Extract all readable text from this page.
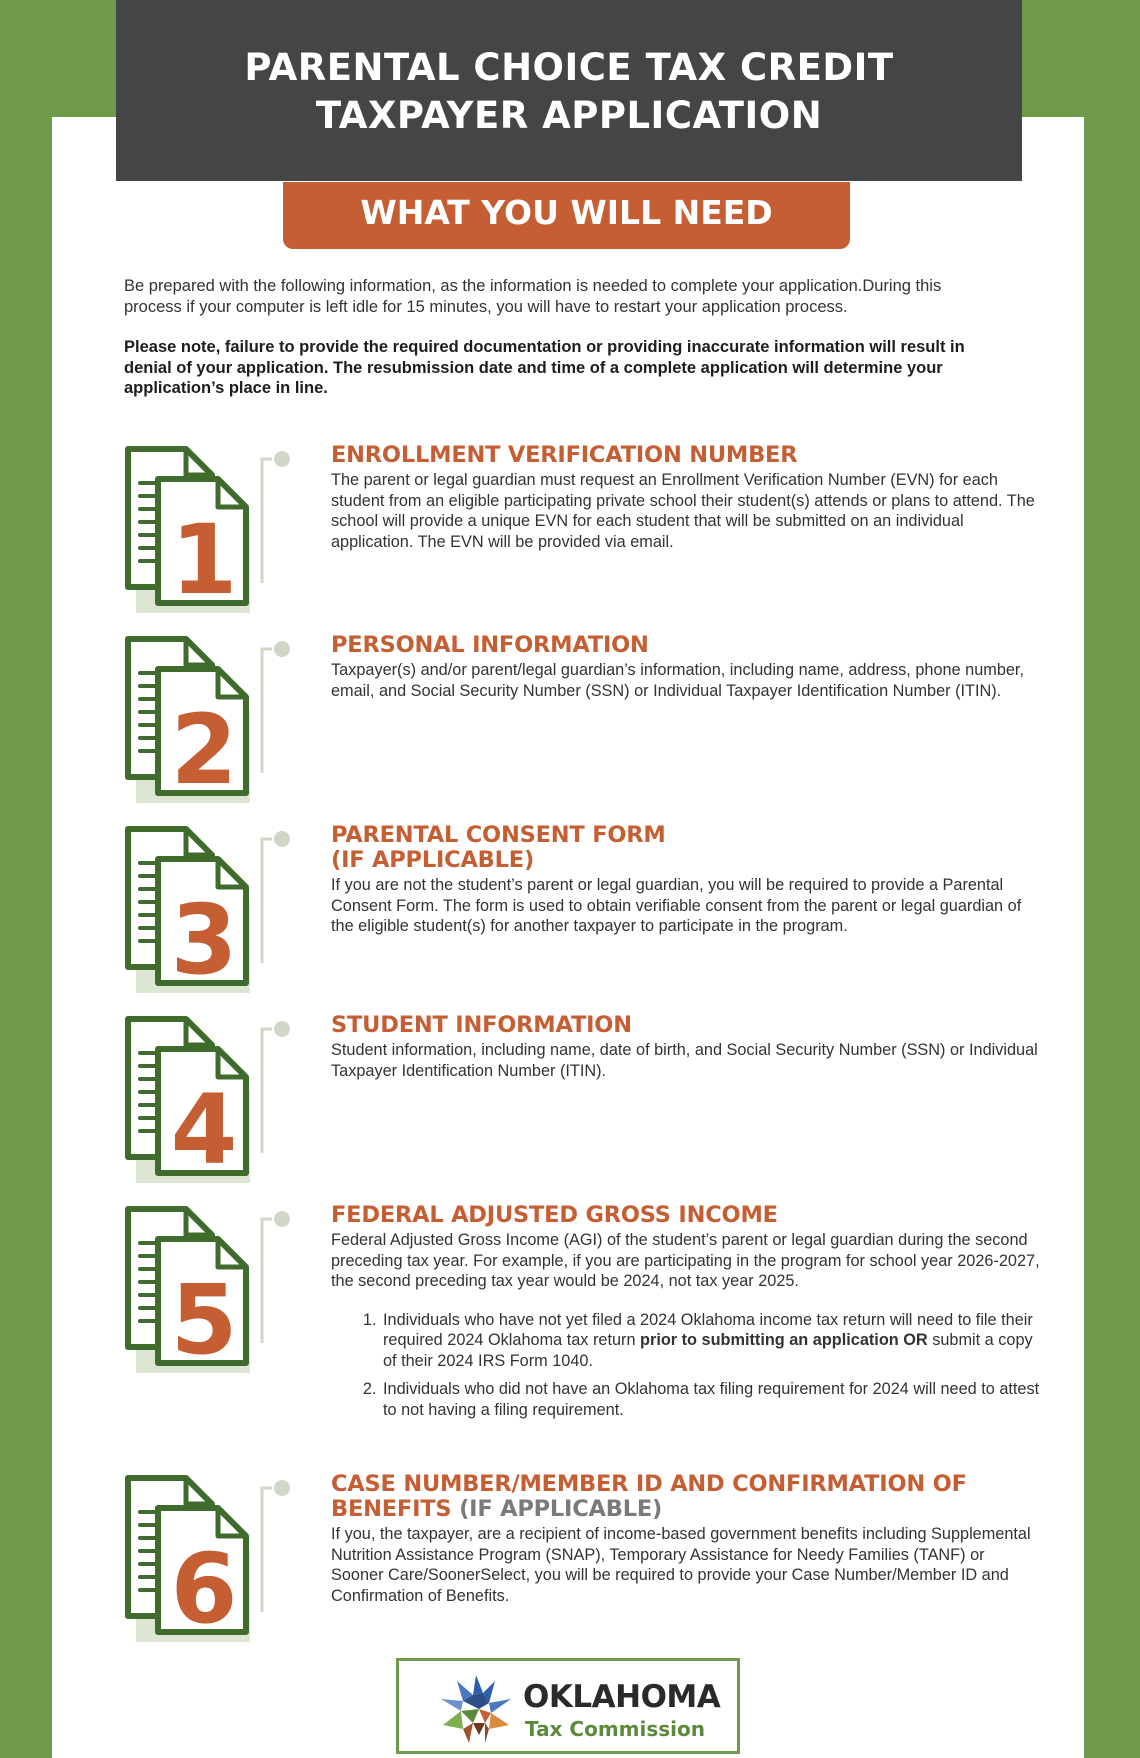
PARENTAL CHOICE TAX CREDIT
TAXPAYER APPLICATION
WHAT YOU WILL NEED

Be prepared with the following information, as the information is needed to complete your application.During this process if your computer is left idle for 15 minutes, you will have to restart your application process.

Please note, failure to provide the required documentation or providing inaccurate information will result in denial of your application. The resubmission date and time of a complete application will determine your application’s place in line.

1
ENROLLMENT VERIFICATION NUMBER
The parent or legal guardian must request an Enrollment Verification Number (EVN) for each student from an eligible participating private school their student(s) attends or plans to attend. The school will provide a unique EVN for each student that will be submitted on an individual application. The EVN will be provided via email.
2
PERSONAL INFORMATION
Taxpayer(s) and/or parent/legal guardian’s information, including name, address, phone number, email, and Social Security Number (SSN) or Individual Taxpayer Identification Number (ITIN).
3
PARENTAL CONSENT FORM
(IF APPLICABLE)
If you are not the student’s parent or legal guardian, you will be required to provide a Parental Consent Form. The form is used to obtain verifiable consent from the parent or legal guardian of the eligible student(s) for another taxpayer to participate in the program.
4
STUDENT INFORMATION
Student information, including name, date of birth, and Social Security Number (SSN) or Individual Taxpayer Identification Number (ITIN).
5
FEDERAL ADJUSTED GROSS INCOME
Federal Adjusted Gross Income (AGI) of the student’s parent or legal guardian during the second preceding tax year. For example, if you are participating in the program for school year 2026-2027, the second preceding tax year would be 2024, not tax year 2025.
1. Individuals who have not yet filed a 2024 Oklahoma income tax return will need to file their required 2024 Oklahoma tax return prior to submitting an application OR submit a copy of their 2024 IRS Form 1040.
2. Individuals who did not have an Oklahoma tax filing requirement for 2024 will need to attest to not having a filing requirement.
6
CASE NUMBER/MEMBER ID AND CONFIRMATION OF BENEFITS (IF APPLICABLE)
If you, the taxpayer, are a recipient of income-based government benefits including Supplemental Nutrition Assistance Program (SNAP), Temporary Assistance for Needy Families (TANF) or Sooner Care/SoonerSelect, you will be required to provide your Case Number/Member ID and Confirmation of Benefits.
OKLAHOMA
Tax Commission
